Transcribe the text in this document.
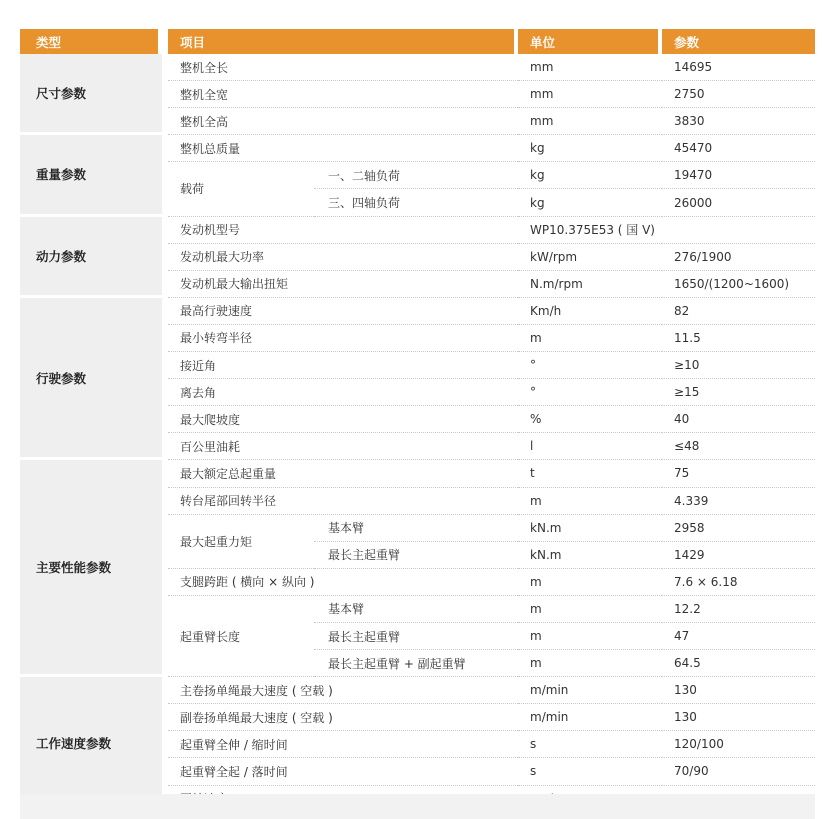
类型		项目		单位	参数
尺寸参数		整机全长		mm	14695
		整机全宽		mm	2750
		整机全高		mm	3830
重量参数		整机总质量		kg	45470
		载荷	一、二轴负荷	kg	19470
			三、四轴负荷	kg	26000
动力参数		发动机型号		WP10.375E53 ( 国 V)	
		发动机最大功率		kW/rpm	276/1900
		发动机最大输出扭矩		N.m/rpm	1650/(1200~1600)
行驶参数		最高行驶速度		Km/h	82
		最小转弯半径		m	11.5
		接近角		°	≥10
		离去角		°	≥15
		最大爬坡度		%	40
		百公里油耗		l	≤48
主要性能参数		最大额定总起重量		t	75
		转台尾部回转半径		m	4.339
		最大起重力矩	基本臂	kN.m	2958
			最长主起重臂	kN.m	1429
		支腿跨距 ( 横向 × 纵向 )		m	7.6 × 6.18
		起重臂长度	基本臂	m	12.2
			最长主起重臂	m	47
			最长主起重臂 + 副起重臂	m	64.5
工作速度参数		主卷扬单绳最大速度 ( 空载 )		m/min	130
		副卷扬单绳最大速度 ( 空载 )		m/min	130
		起重臂全伸 / 缩时间		s	120/100
		起重臂全起 / 落时间		s	70/90
